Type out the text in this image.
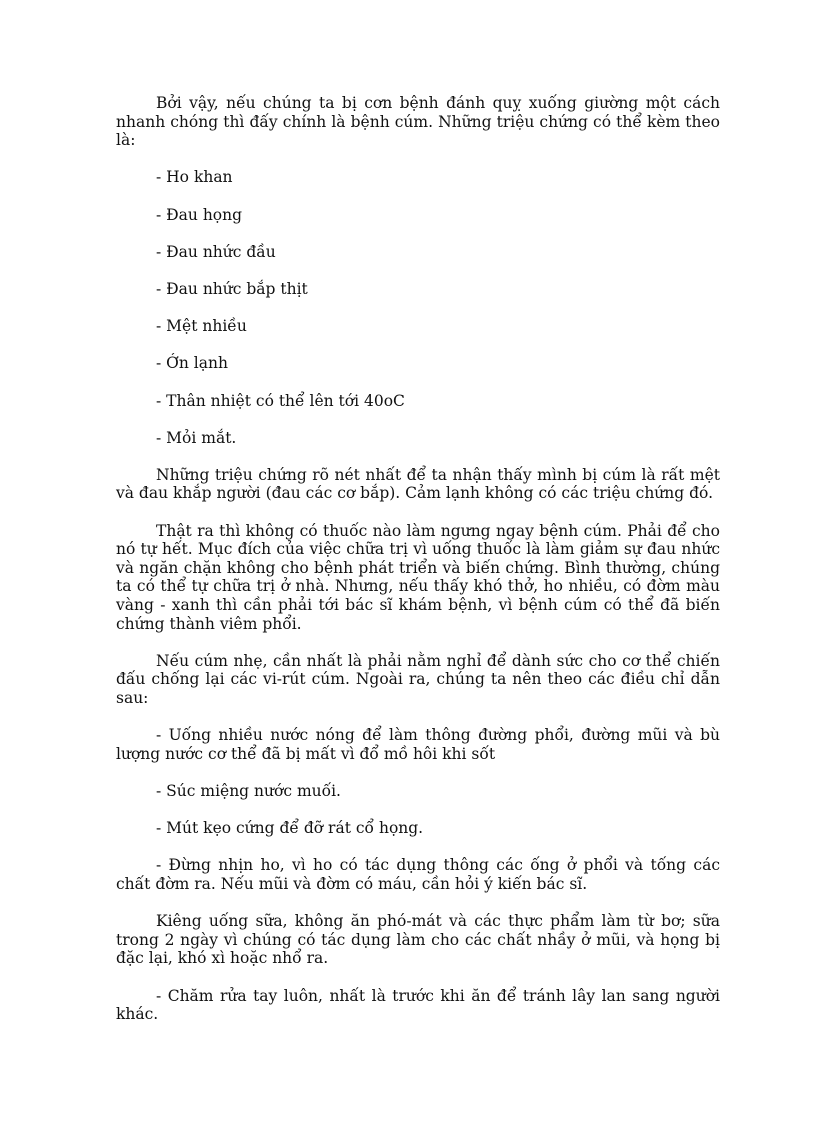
Bởi vậy, nếu chúng ta bị cơn bệnh đánh quỵ xuống giường một cách nhanh chóng thì đấy chính là bệnh cúm. Những triệu chứng có thể kèm theo là:

- Ho khan

- Đau họng

- Đau nhức đầu

- Đau nhức bắp thịt

- Mệt nhiều

- Ớn lạnh

- Thân nhiệt có thể lên tới 40oC

- Mỏi mắt.

Những triệu chứng rõ nét nhất để ta nhận thấy mình bị cúm là rất mệt và đau khắp người (đau các cơ bắp). Cảm lạnh không có các triệu chứng đó.

Thật ra thì không có thuốc nào làm ngưng ngay bệnh cúm. Phải để cho nó tự hết. Mục đích của việc chữa trị vì uống thuốc là làm giảm sự đau nhức và ngăn chặn không cho bệnh phát triển và biến chứng. Bình thường, chúng ta có thể tự chữa trị ở nhà. Nhưng, nếu thấy khó thở, ho nhiều, có đờm màu vàng - xanh thì cần phải tới bác sĩ khám bệnh, vì bệnh cúm có thể đã biến chứng thành viêm phổi.

Nếu cúm nhẹ, cần nhất là phải nằm nghỉ để dành sức cho cơ thể chiến đấu chống lại các vi-rút cúm. Ngoài ra, chúng ta nên theo các điều chỉ dẫn sau:

- Uống nhiều nước nóng để làm thông đường phổi, đường mũi và bù lượng nước cơ thể đã bị mất vì đổ mồ hôi khi sốt

- Súc miệng nước muối.

- Mút kẹo cứng để đỡ rát cổ họng.

- Đừng nhịn ho, vì ho có tác dụng thông các ống ở phổi và tống các chất đờm ra. Nếu mũi và đờm có máu, cần hỏi ý kiến bác sĩ.

Kiêng uống sữa, không ăn phó-mát và các thực phẩm làm từ bơ; sữa trong 2 ngày vì chúng có tác dụng làm cho các chất nhầy ở mũi, và họng bị đặc lại, khó xì hoặc nhổ ra.

- Chăm rửa tay luôn, nhất là trước khi ăn để tránh lây lan sang người khác.
